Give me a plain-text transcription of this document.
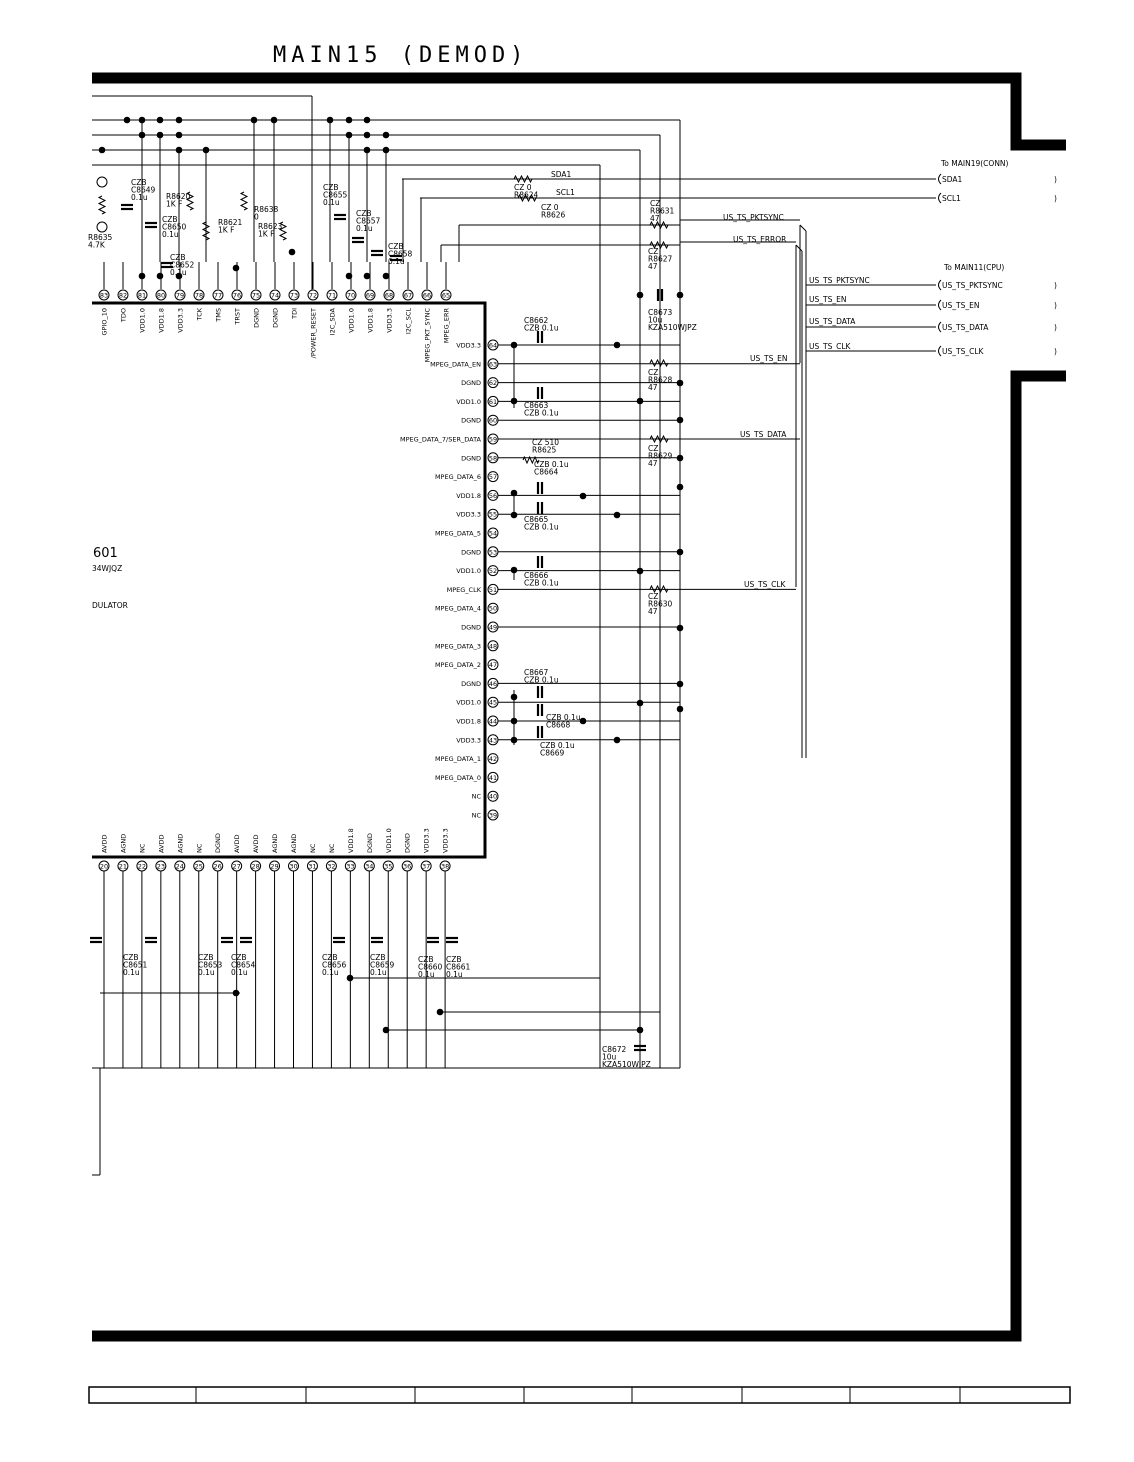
MAIN15 (DEMOD)
601
34WJQZ
DULATOR
83
GPIO_10
82
TDO
81
VDD1.0
80
VDD1.8
79
VDD3.3
78
TCK
77
TMS
76
TRST
75
DGND
74
DGND
73
TDI
72
/POWER_RESET
71
I2C_SDA
70
VDD1.0
69
VDD1.8
68
VDD3.3
67
I2C_SCL
66
MPEG_PKT_SYNC
65
MPEG_ERR
64
VDD3.3
63
MPEG_DATA_EN
62
DGND
61
VDD1.0
60
DGND
59
MPEG_DATA_7/SER_DATA
58
DGND
57
MPEG_DATA_6
56
VDD1.8
55
VDD3.3
54
MPEG_DATA_5
53
DGND
52
VDD1.0
51
MPEG_CLK
50
MPEG_DATA_4
49
DGND
48
MPEG_DATA_3
47
MPEG_DATA_2
46
DGND
45
VDD1.0
44
VDD1.8
43
VDD3.3
42
MPEG_DATA_1
41
MPEG_DATA_0
40
NC
39
NC
20
AVDD
21
AGND
22
NC
23
AVDD
24
AGND
25
NC
26
DGND
27
AVDD
28
AVDD
29
AGND
30
AGND
31
NC
32
NC
33
VDD1.8
34
DGND
35
VDD1.0
36
DGND
37
VDD3.3
38
VDD3.3
R8635
4.7K
CZB
C8649
0.1u R8620
1K F
CZB
C8650
0.1u
CZB
C8652
0.1u
R8621
1K F
R8638
0
R8623
1K F
CZB
C8655
0.1u
CZB
C8657
0.1u
CZB
C8658
0.1u
CZ 0
R8624
CZ 0
R8626
CZ
R8631
47
CZ
R8627
47
C8673
10u
KZA510WJPZ
C8662
CZB 0.1u
CZ
R8628
47
C8663
CZB 0.1u
CZ 510
R8625	CZ
R8629
47
CZB 0.1u
C8664
C8665
CZB 0.1u
C8666
CZB 0.1u
CZ
R8630
47
C8667
CZB 0.1u
CZB 0.1u
C8668
CZB 0.1u
C8669
CZB
C8651
0.1u
CZB
C8653
0.1u
CZB
C8654
0.1u
CZB
C8656
0.1u
CZB
C8659
0.1u
CZB
C8660
0.1u
CZB
C8661
0.1u
C8672
10u
KZA510WJPZ
To MAIN19(CONN)
To MAIN11(CPU)
SDA1	)
SCL1	)
US_TS_PKTSYNC	)
US_TS_EN	)
US_TS_DATA	)
US_TS_CLK	)
SDA1
SCL1
US_TS_PKTSYNC
US_TS_ERROR
US_TS_EN
US_TS_DATA
US_TS_CLK
US_TS_PKTSYNC
US_TS_EN
US_TS_DATA
US_TS_CLK
